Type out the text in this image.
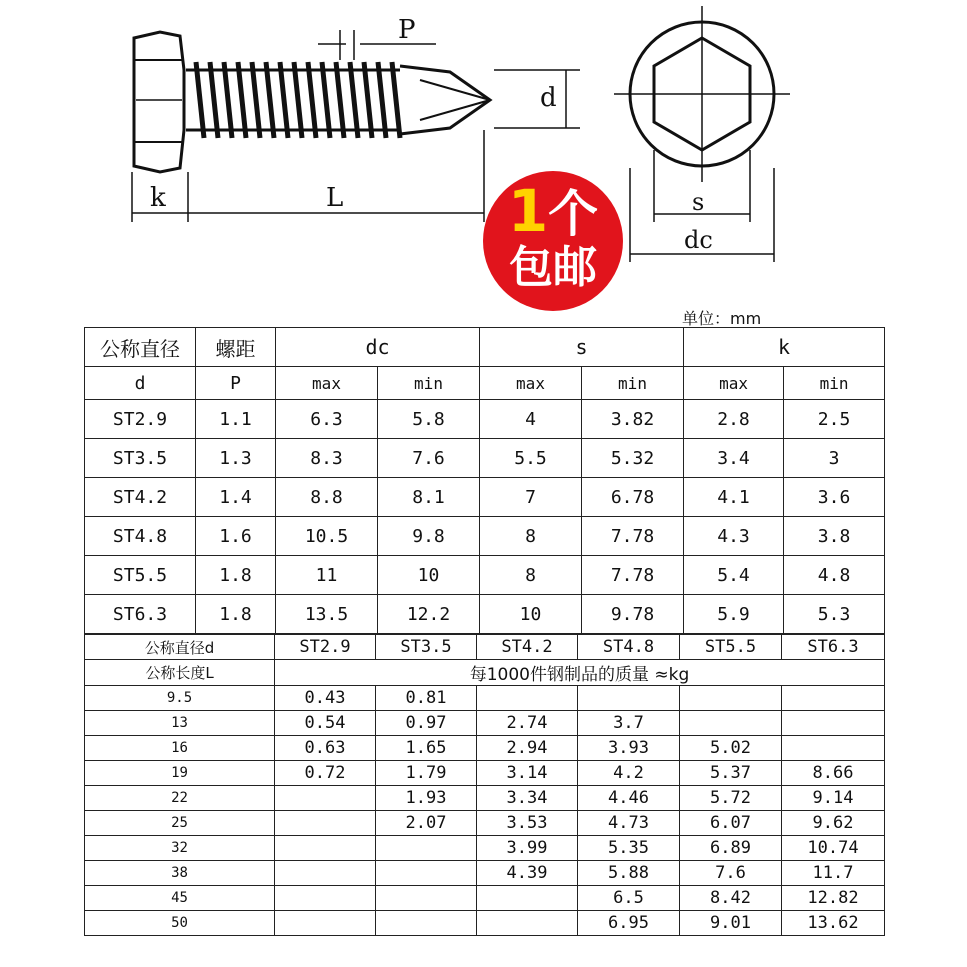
P
d
k	L	s
dc
1个
包邮
单位：mm
公称直径	螺距	dc		s		k	
d	P						
		max	min	max	min	max	min
ST2.9	1.1	6.3	5.8	4	3.82	2.8	2.5
ST3.5	1.3	8.3	7.6	5.5	5.32	3.4	3
ST4.2	1.4	8.8	8.1	7	6.78	4.1	3.6
ST4.8	1.6	10.5	9.8	8	7.78	4.3	3.8
ST5.5	1.8	11	10	8	7.78	5.4	4.8
ST6.3	1.8	13.5	12.2	10	9.78	5.9	5.3
公称直径d	ST2.9	ST3.5	ST4.2	ST4.8	ST5.5	ST6.3
公称长度L	每1000件钢制品的质量 ≈kg					
9.5	0.43	0.81				
13	0.54	0.97	2.74	3.7		
16	0.63	1.65	2.94	3.93	5.02	
19	0.72	1.79	3.14	4.2	5.37	8.66
22		1.93	3.34	4.46	5.72	9.14
25		2.07	3.53	4.73	6.07	9.62
32			3.99	5.35	6.89	10.74
38			4.39	5.88	7.6	11.7
45				6.5	8.42	12.82
50				6.95	9.01	13.62
